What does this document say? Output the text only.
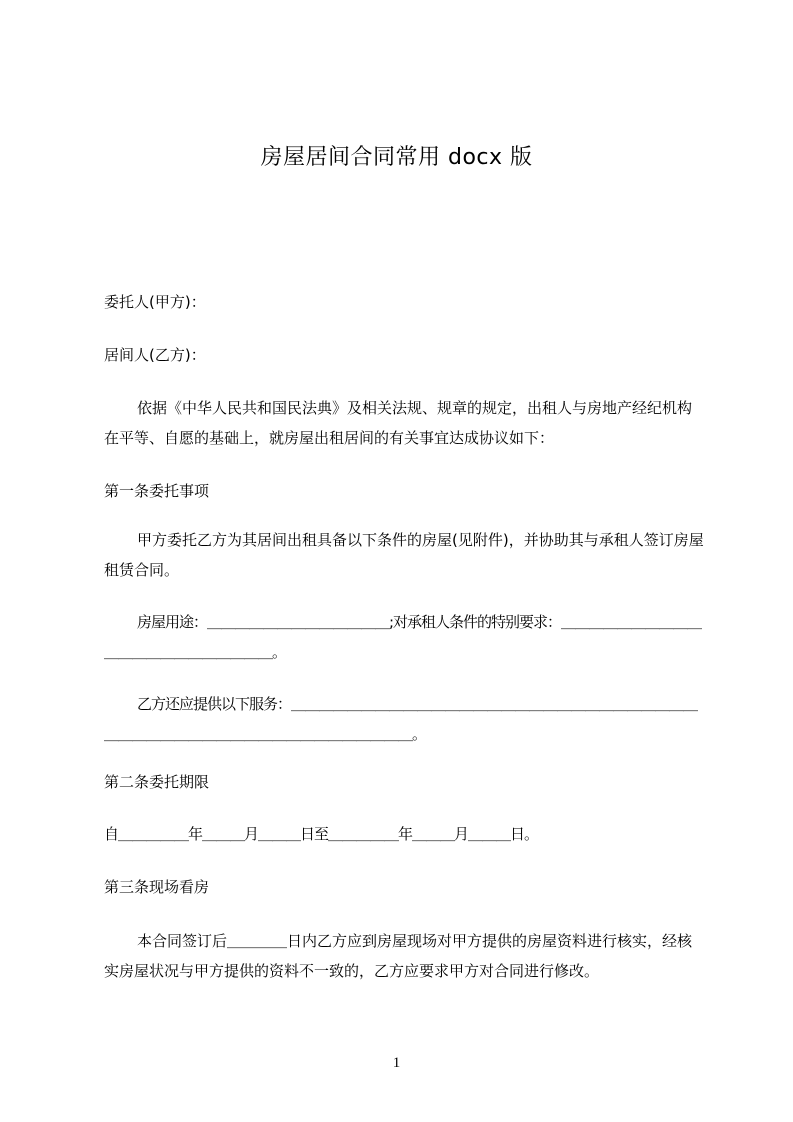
房屋居间合同常用 docx 版
委托人(甲方)：
居间人(乙方)：
依据《中华人民共和国民法典》及相关法规、规章的规定，出租人与房地产经纪机构在平等、自愿的基础上，就房屋出租居间的有关事宜达成协议如下：
第一条委托事项
甲方委托乙方为其居间出租具备以下条件的房屋(见附件)，并协助其与承租人签订房屋租赁合同。
房屋用途：＿＿＿＿＿＿＿＿＿＿＿＿＿;对承租人条件的特别要求：＿＿＿＿＿＿＿＿＿＿＿＿＿＿＿＿＿＿＿＿＿＿。
乙方还应提供以下服务：＿＿＿＿＿＿＿＿＿＿＿＿＿＿＿＿＿＿＿＿＿＿＿＿＿＿＿＿＿＿＿＿＿＿＿＿＿＿＿＿＿＿＿＿＿＿＿＿＿＿＿。
第二条委托期限
自＿＿＿＿＿年＿＿＿月＿＿＿日至＿＿＿＿＿年＿＿＿月＿＿＿日。
第三条现场看房
本合同签订后＿＿＿＿日内乙方应到房屋现场对甲方提供的房屋资料进行核实，经核实房屋状况与甲方提供的资料不一致的，乙方应要求甲方对合同进行修改。
1
